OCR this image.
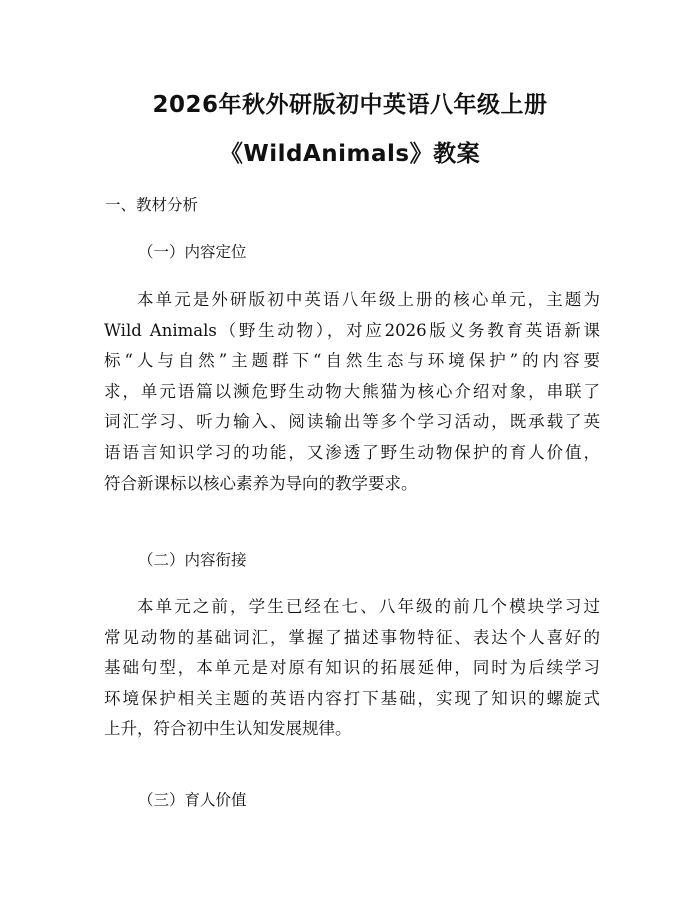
2026年秋外研版初中英语八年级上册
《WildAnimals》教案
一、教材分析
（一）内容定位
本单元是外研版初中英语八年级上册的核心单元，主题为
Wild Animals（野生动物），对应2026版义务教育英语新课
标“人与自然”主题群下“自然生态与环境保护”的内容要
求，单元语篇以濒危野生动物大熊猫为核心介绍对象，串联了
词汇学习、听力输入、阅读输出等多个学习活动，既承载了英
语语言知识学习的功能，又渗透了野生动物保护的育人价值，
符合新课标以核心素养为导向的教学要求。
（二）内容衔接
本单元之前，学生已经在七、八年级的前几个模块学习过
常见动物的基础词汇，掌握了描述事物特征、表达个人喜好的
基础句型，本单元是对原有知识的拓展延伸，同时为后续学习
环境保护相关主题的英语内容打下基础，实现了知识的螺旋式
上升，符合初中生认知发展规律。
（三）育人价值
